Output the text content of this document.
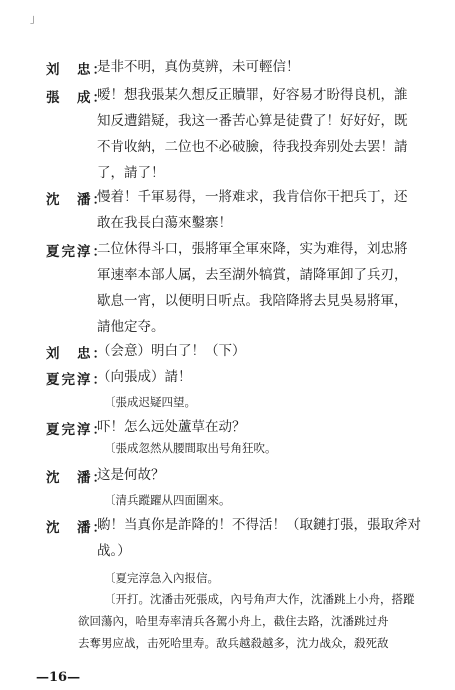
」
刘　忠：
是非不明，真伪莫辨，未可輕信！
張　成：
嗳！想我張某久想反正贖罪，好容易才盼得良机，誰
知反遭錯疑，我这一番苦心算是徒費了！好好好，既
不肯收納，二位也不必破臉，待我投奔别处去罢！請
了，請了！
沈　潘：
慢着！千軍易得，一將难求，我肯信你干把兵丁，还
敢在我長白蕩來鑿寨！
夏完淳：
二位休得斗口，張將軍全軍來降，实为难得，刘忠將
軍速率本部人属，去至湖外犒賞，請降軍卸了兵刃，
歇息一宵，以便明日听点。我陪降將去見吳易將軍，
請他定夺。
刘　忠：
（会意）明白了！（下）
夏完淳：
（向張成）請！
〔張成迟疑四望。
夏完淳：
吓！怎么远处蘆草在动？
〔張成忽然从腰間取出号角狂吹。
沈　潘：
这是何故？
〔清兵蹤躍从四面圍來。
沈　潘：
喲！当真你是詐降的！不得活！（取鏈打張，張取斧对
战。）
〔夏完淳急入內报信。
〔开打。沈潘击死張成，內号角声大作，沈潘跳上小舟，搭蹤
欲回蕩內，哈里寿率清兵各駕小舟上，截住去路，沈潘跳过舟
去奪男应战，击死哈里寿。敌兵越殺越多，沈力战众，殺死敌
—16—
